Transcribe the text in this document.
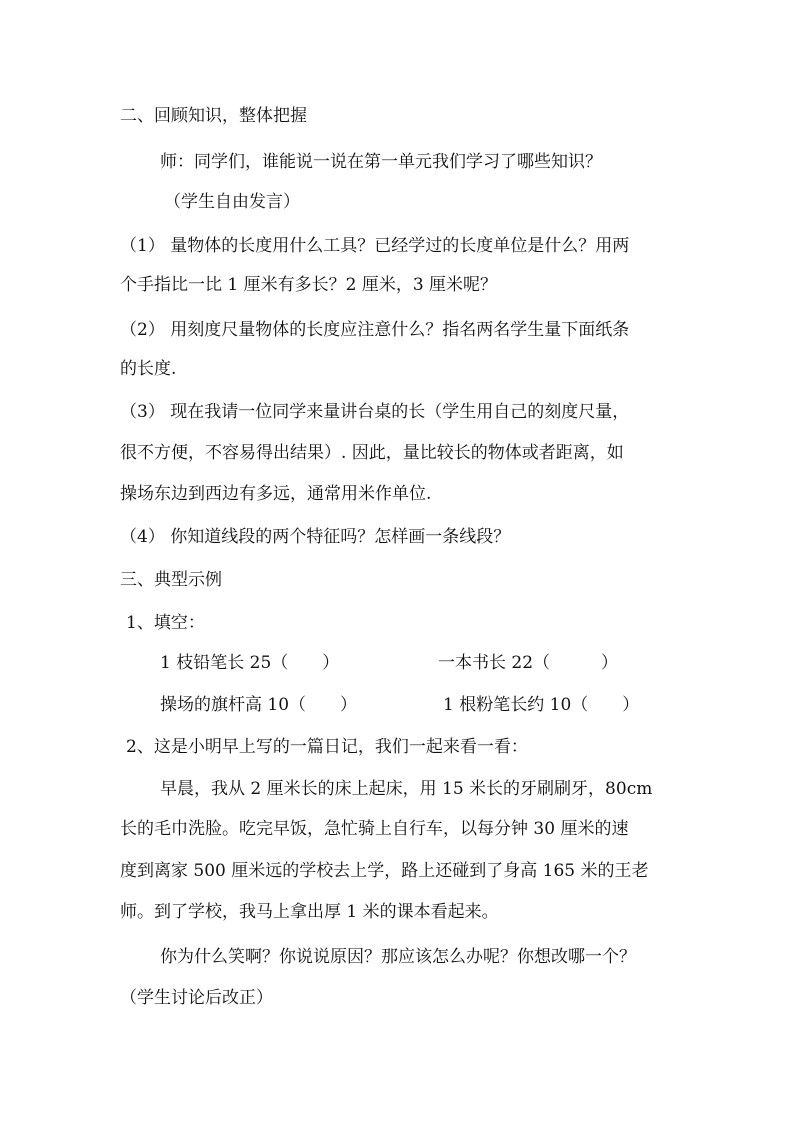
二、回顾知识，整体把握
师：同学们，谁能说一说在第一单元我们学习了哪些知识？
（学生自由发言）
（1） 量物体的长度用什么工具？已经学过的长度单位是什么？用两
个手指比一比 1 厘米有多长？2 厘米，3 厘米呢？
（2） 用刻度尺量物体的长度应注意什么？指名两名学生量下面纸条
的长度.
（3） 现在我请一位同学来量讲台桌的长（学生用自己的刻度尺量，
很不方便，不容易得出结果）. 因此，量比较长的物体或者距离，如
操场东边到西边有多远，通常用米作单位.
（4） 你知道线段的两个特征吗？怎样画一条线段？
三、典型示例
1、填空：
1 枝铅笔长 25（　　）	一本书长 22（　　　）
操场的旗杆高 10（　　）	1 根粉笔长约 10（　　）
2、这是小明早上写的一篇日记，我们一起来看一看：
早晨，我从 2 厘米长的床上起床，用 15 米长的牙刷刷牙，80cm
长的毛巾洗脸。吃完早饭，急忙骑上自行车，以每分钟 30 厘米的速
度到离家 500 厘米远的学校去上学，路上还碰到了身高 165 米的王老
师。到了学校，我马上拿出厚 1 米的课本看起来。
你为什么笑啊？你说说原因？那应该怎么办呢？你想改哪一个？
（学生讨论后改正）
